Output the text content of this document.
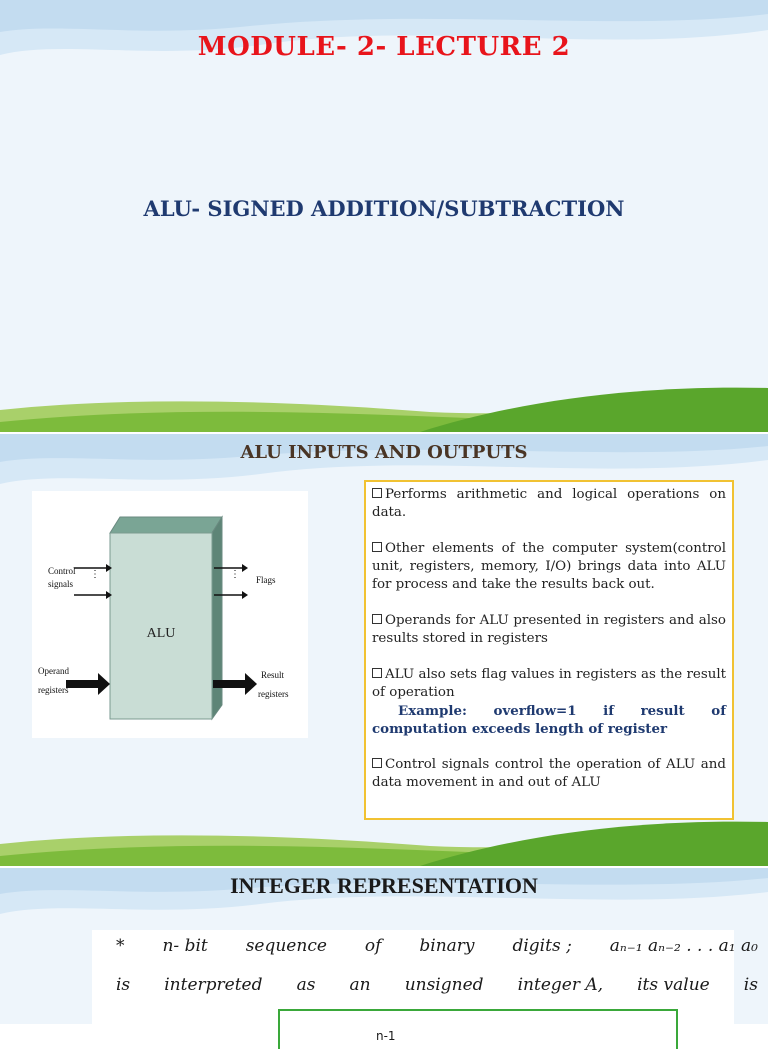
MODULE- 2- LECTURE 2
ALU- SIGNED ADDITION/SUBTRACTION
ALU INPUTS AND OUTPUTS
ALU
⋮
Control
signals
⋮ Flags
Operand
registers
Result
registers

Performs arithmetic and logical operations on data.

Other elements of the computer system(control unit, registers, memory, I/O) brings data into ALU for process and take the results back out.

Operands for ALU presented in registers and also results stored in registers

ALU also sets flag values in registers as the result of operation

Example: overflow=1 if result of computation exceeds length of register

Control signals control the operation of ALU and data movement in and out of ALU

INTEGER REPRESENTATION
* n- bit sequence of binary digits ; aₙ₋₁ aₙ₋₂ . . . a₁ a₀
is interpreted as an unsigned integer A, its value is
n-1
